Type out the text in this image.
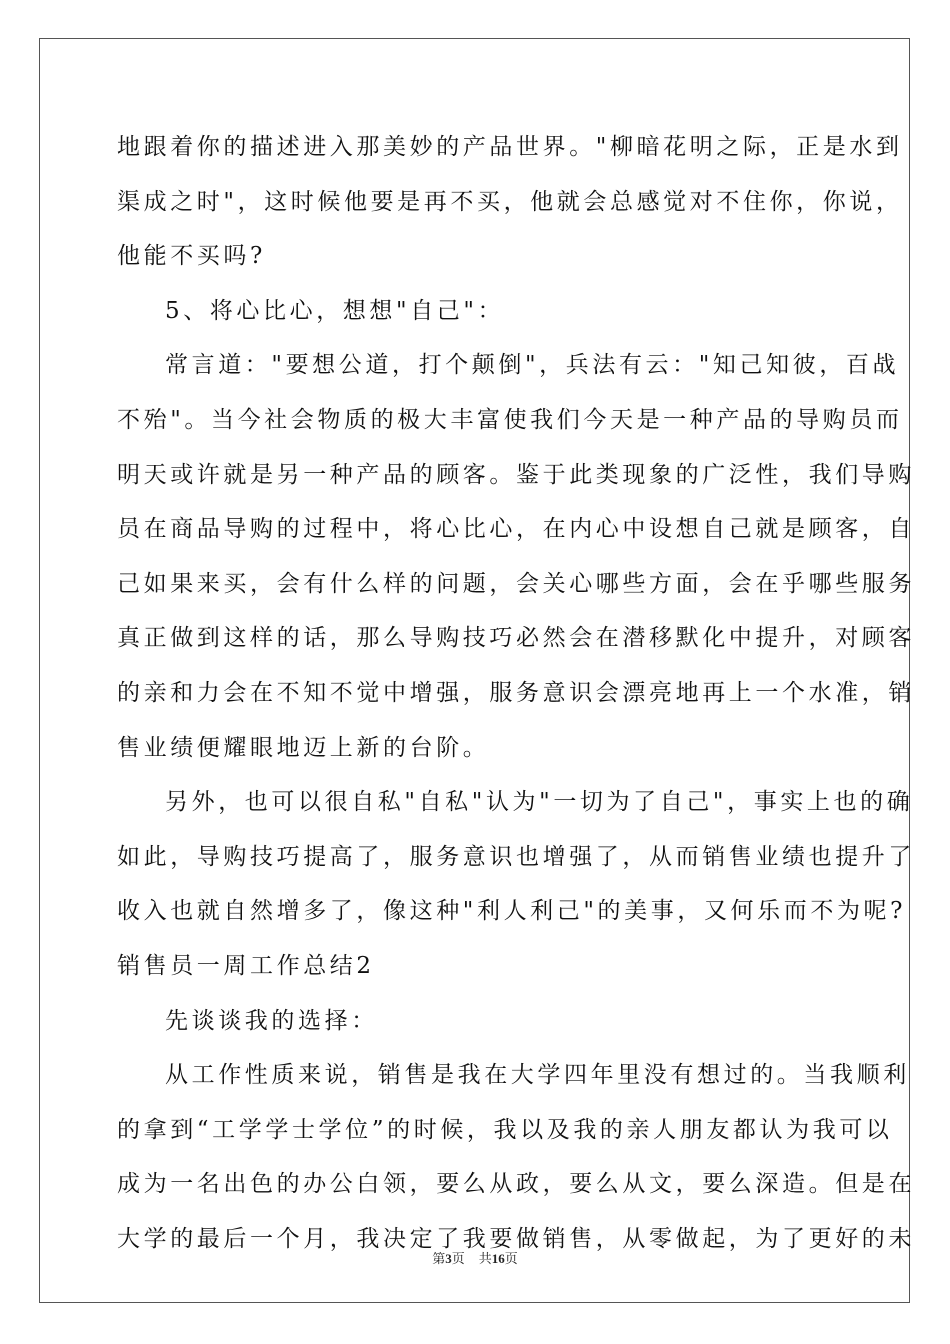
地跟着你的描述进入那美妙的产品世界。"柳暗花明之际，正是水到
渠成之时"，这时候他要是再不买，他就会总感觉对不住你，你说，
他能不买吗?
5、将心比心，想想"自己"：
常言道："要想公道，打个颠倒"，兵法有云："知己知彼，百战
不殆"。当今社会物质的极大丰富使我们今天是一种产品的导购员而
明天或许就是另一种产品的顾客。鉴于此类现象的广泛性，我们导购
员在商品导购的过程中，将心比心，在内心中设想自己就是顾客，自
己如果来买，会有什么样的问题，会关心哪些方面，会在乎哪些服务
真正做到这样的话，那么导购技巧必然会在潜移默化中提升，对顾客
的亲和力会在不知不觉中增强，服务意识会漂亮地再上一个水准，销
售业绩便耀眼地迈上新的台阶。
另外，也可以很自私"自私"认为"一切为了自己"，事实上也的确
如此，导购技巧提高了，服务意识也增强了，从而销售业绩也提升了
收入也就自然增多了，像这种"利人利己"的美事，又何乐而不为呢?
销售员一周工作总结2
先谈谈我的选择：
从工作性质来说，销售是我在大学四年里没有想过的。当我顺利
的拿到“工学学士学位”的时候，我以及我的亲人朋友都认为我可以
成为一名出色的办公白领，要么从政，要么从文，要么深造。但是在
大学的最后一个月，我决定了我要做销售，从零做起，为了更好的未
第3页 共16页
